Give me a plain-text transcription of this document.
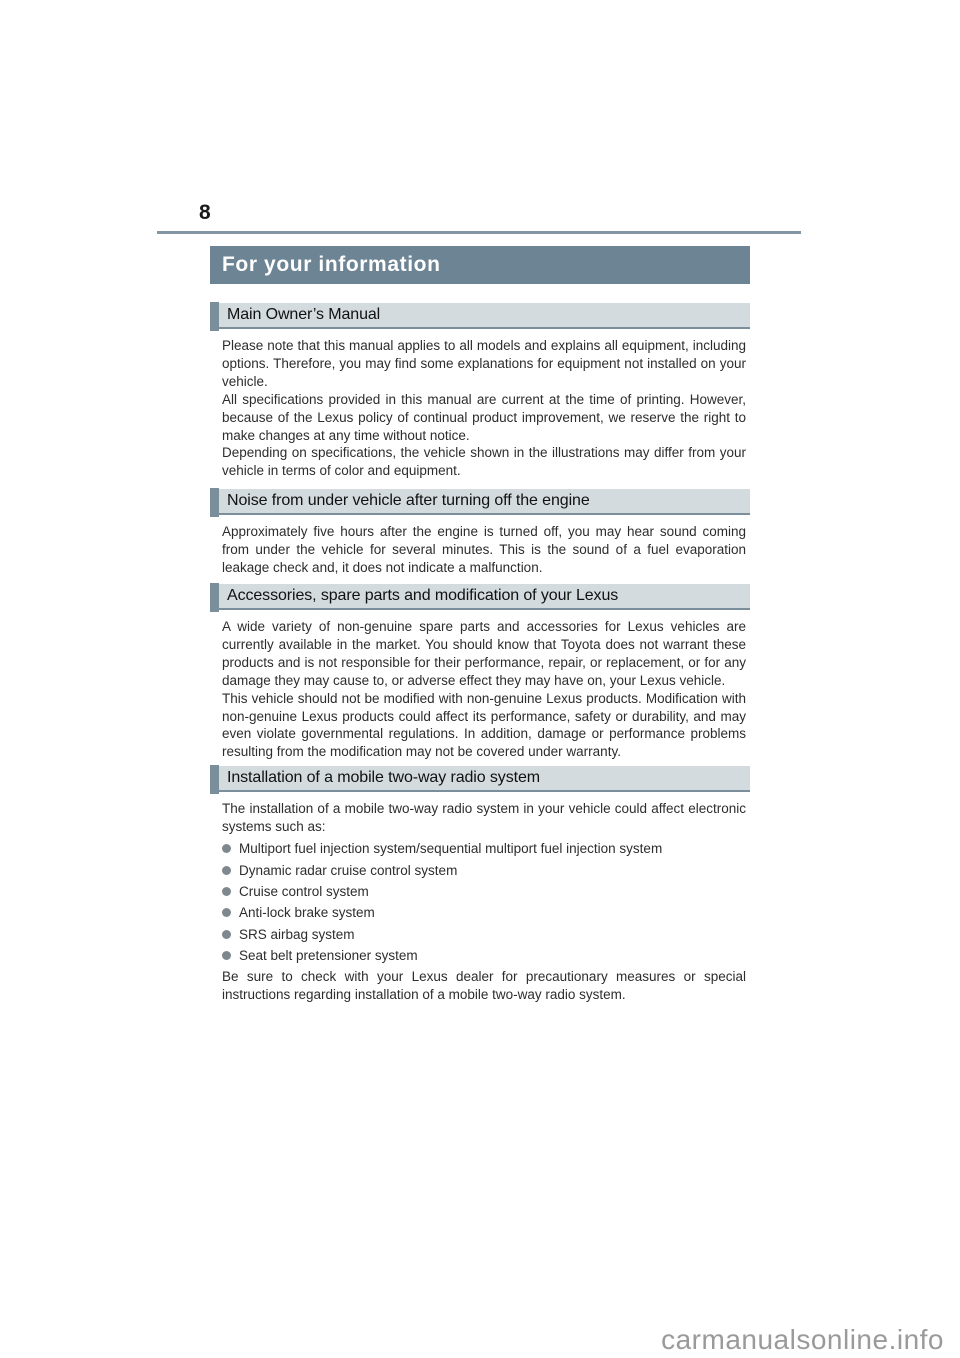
8
For your information
Main Owner’s Manual

Please note that this manual applies to all models and explains all equipment, including options. Therefore, you may find some explanations for equipment not installed on your vehicle.

All specifications provided in this manual are current at the time of printing. However, because of the Lexus policy of continual product improvement, we reserve the right to make changes at any time without notice.

Depending on specifications, the vehicle shown in the illustrations may differ from your vehicle in terms of color and equipment.

Noise from under vehicle after turning off the engine

Approximately five hours after the engine is turned off, you may hear sound coming from under the vehicle for several minutes. This is the sound of a fuel evaporation leakage check and, it does not indicate a malfunction.

Accessories, spare parts and modification of your Lexus

A wide variety of non-genuine spare parts and accessories for Lexus vehicles are currently available in the market. You should know that Toyota does not warrant these products and is not responsible for their performance, repair, or replacement, or for any damage they may cause to, or adverse effect they may have on, your Lexus vehicle.

This vehicle should not be modified with non-genuine Lexus products. Modification with non-genuine Lexus products could affect its performance, safety or durability, and may even violate governmental regulations. In addition, damage or performance problems resulting from the modification may not be covered under warranty.

Installation of a mobile two-way radio system

The installation of a mobile two-way radio system in your vehicle could affect electronic systems such as:

Multiport fuel injection system/sequential multiport fuel injection system
Dynamic radar cruise control system
Cruise control system
Anti-lock brake system
SRS airbag system
Seat belt pretensioner system

Be sure to check with your Lexus dealer for precautionary measures or special instructions regarding installation of a mobile two-way radio system.

carmanualsonline.info
